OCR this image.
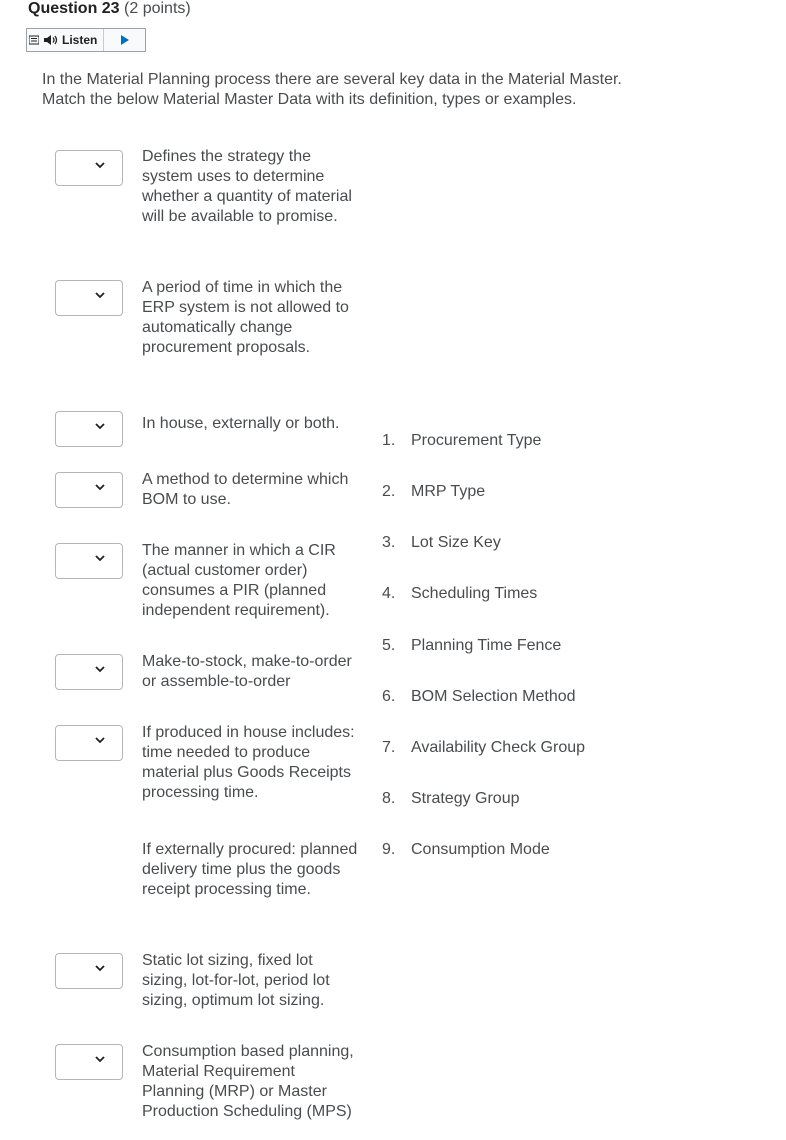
Question 23 (2 points)
Listen
In the Material Planning process there are several key data in the Material Master.
Match the below Material Master Data with its definition, types or examples.
Defines the strategy the system uses to determine whether a quantity of material will be available to promise.
A period of time in which the ERP system is not allowed to automatically change procurement proposals.
In house, externally or both.
A method to determine which BOM to use.
The manner in which a CIR (actual customer order) consumes a PIR (planned independent requirement).
Make-to-stock, make-to-order or assemble-to-order
If produced in house includes: time needed to produce material plus Goods Receipts processing time.
If externally procured: planned delivery time plus the goods receipt processing time.
Static lot sizing, fixed lot sizing, lot-for-lot, period lot sizing, optimum lot sizing.
Consumption based planning, Material Requirement Planning (MRP) or Master Production Scheduling (MPS)
1. Procurement Type
2. MRP Type
3. Lot Size Key
4. Scheduling Times
5. Planning Time Fence
6. BOM Selection Method
7. Availability Check Group
8. Strategy Group
9. Consumption Mode
